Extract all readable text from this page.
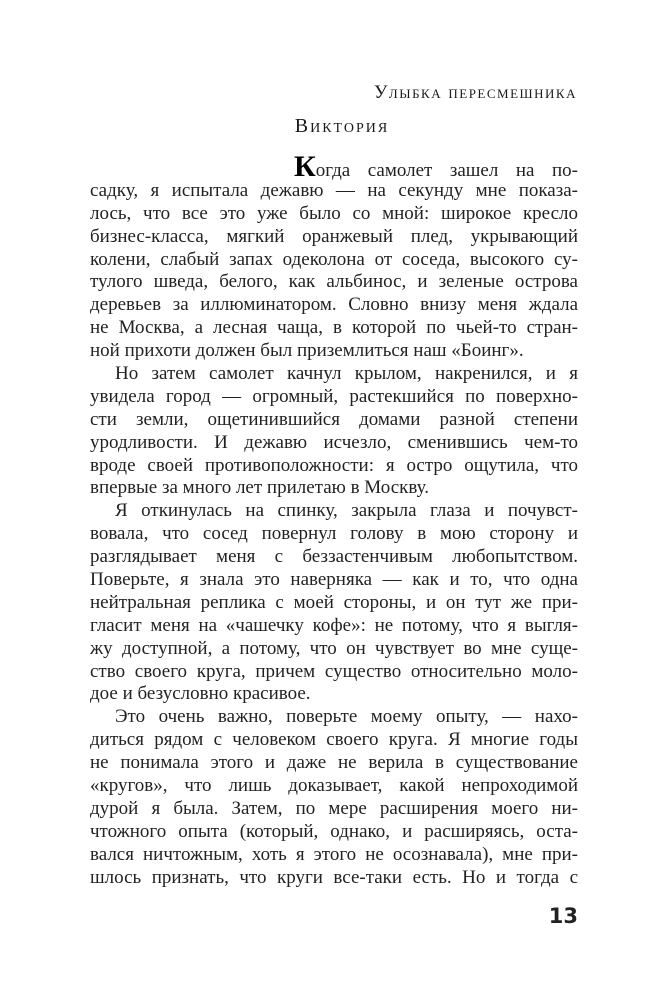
Улыбка пересмешника
Виктория
Когда самолет зашел на по-
садку, я испытала дежавю — на секунду мне показа-
лось, что все это уже было со мной: широкое кресло
бизнес-класса, мягкий оранжевый плед, укрывающий
колени, слабый запах одеколона от соседа, высокого су-
тулого шведа, белого, как альбинос, и зеленые острова
деревьев за иллюминатором. Словно внизу меня ждала
не Москва, а лесная чаща, в которой по чьей-то стран-
ной прихоти должен был приземлиться наш «Боинг».
Но затем самолет качнул крылом, накренился, и я
увидела город — огромный, растекшийся по поверхно-
сти земли, ощетинившийся домами разной степени
уродливости. И дежавю исчезло, сменившись чем-то
вроде своей противоположности: я остро ощутила, что
впервые за много лет прилетаю в Москву.
Я откинулась на спинку, закрыла глаза и почувст-
вовала, что сосед повернул голову в мою сторону и
разглядывает меня с беззастенчивым любопытством.
Поверьте, я знала это наверняка — как и то, что одна
нейтральная реплика с моей стороны, и он тут же при-
гласит меня на «чашечку кофе»: не потому, что я выгля-
жу доступной, а потому, что он чувствует во мне суще-
ство своего круга, причем существо относительно моло-
дое и безусловно красивое.
Это очень важно, поверьте моему опыту, — нахо-
диться рядом с человеком своего круга. Я многие годы
не понимала этого и даже не верила в существование
«кругов», что лишь доказывает, какой непроходимой
дурой я была. Затем, по мере расширения моего ни-
чтожного опыта (который, однако, и расширяясь, оста-
вался ничтожным, хоть я этого не осознавала), мне при-
шлось признать, что круги все-таки есть. Но и тогда с
13
